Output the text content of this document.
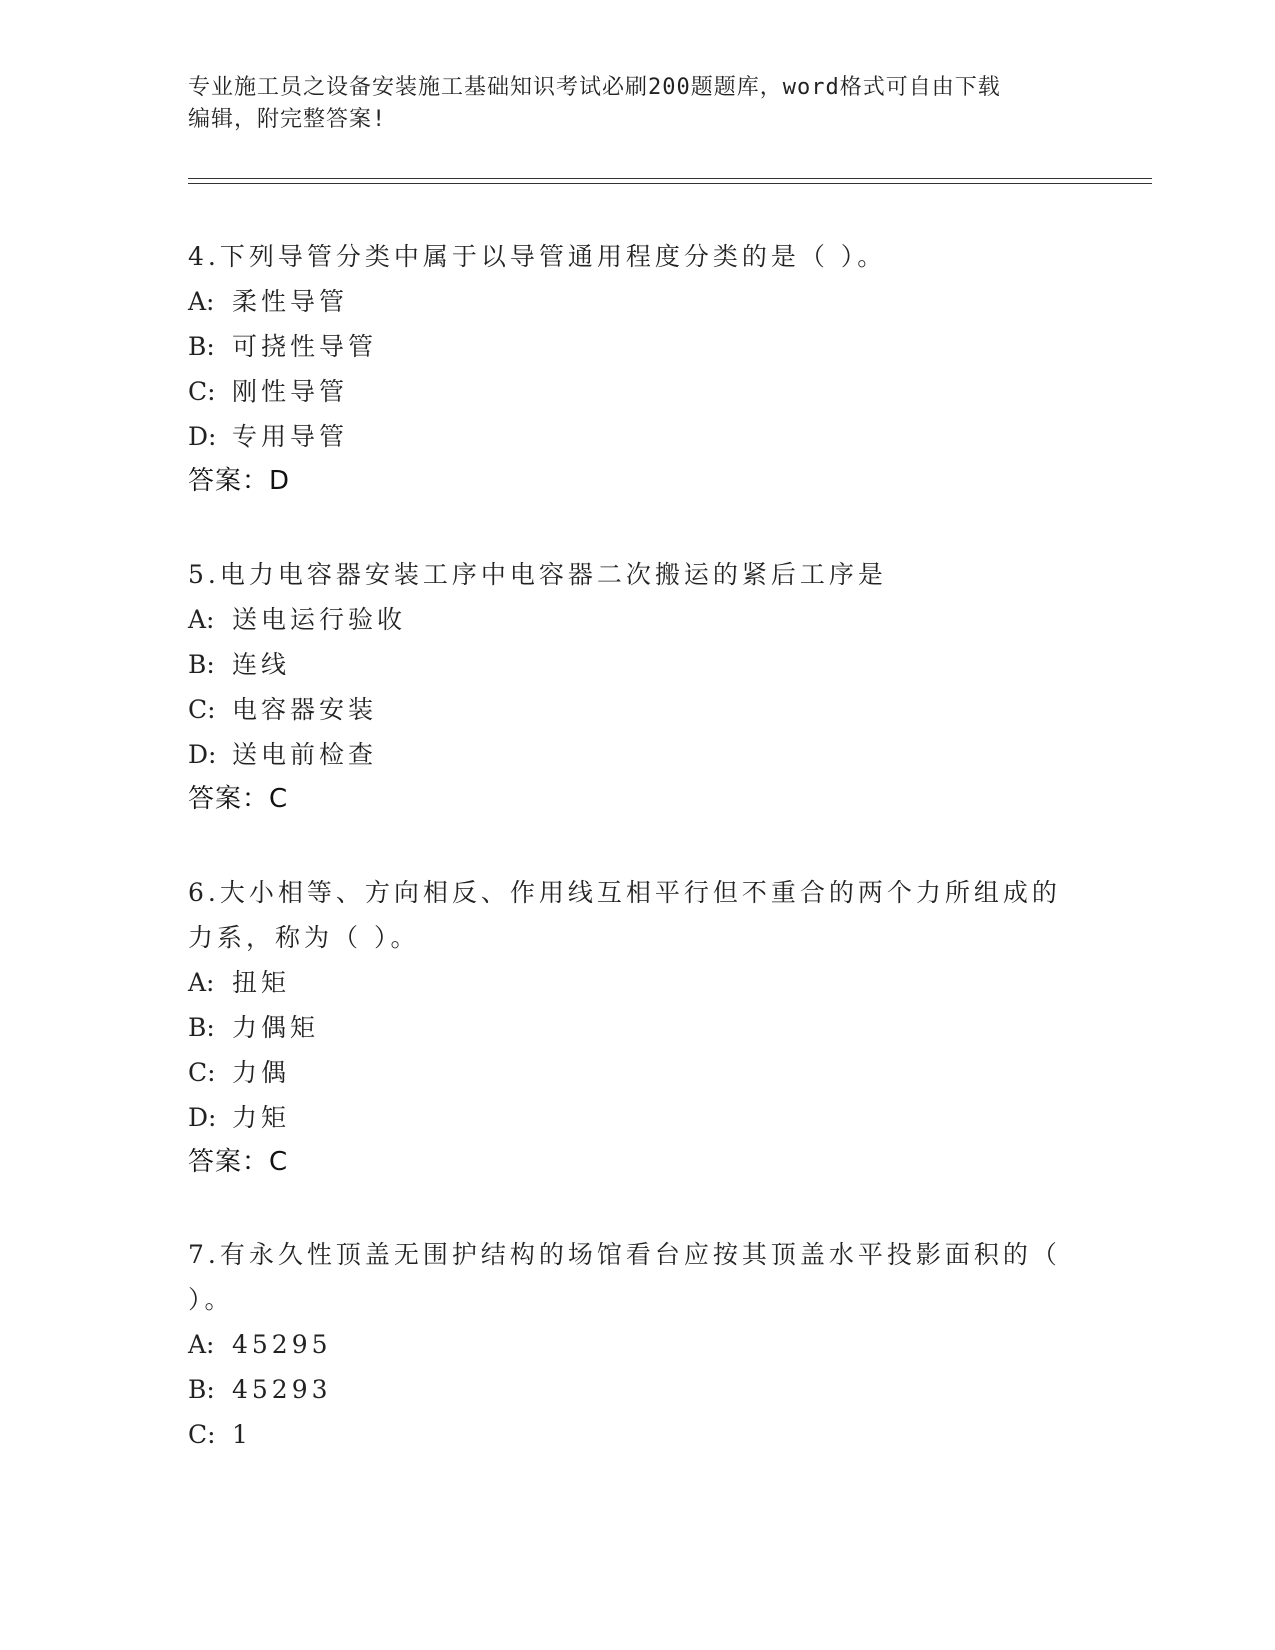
专业施工员之设备安装施工基础知识考试必刷200题题库，word格式可自由下载
编辑，附完整答案!
4.下列导管分类中属于以导管通用程度分类的是（ ）。
A: 柔性导管
B: 可挠性导管
C: 刚性导管
D: 专用导管
答案：D
5.电力电容器安装工序中电容器二次搬运的紧后工序是
A: 送电运行验收
B: 连线
C: 电容器安装
D: 送电前检查
答案：C
6.大小相等、方向相反、作用线互相平行但不重合的两个力所组成的
力系，称为（ ）。
A: 扭矩
B: 力偶矩
C: 力偶
D: 力矩
答案：C
7.有永久性顶盖无围护结构的场馆看台应按其顶盖水平投影面积的（
）。
A: 45295
B: 45293
C: 1
